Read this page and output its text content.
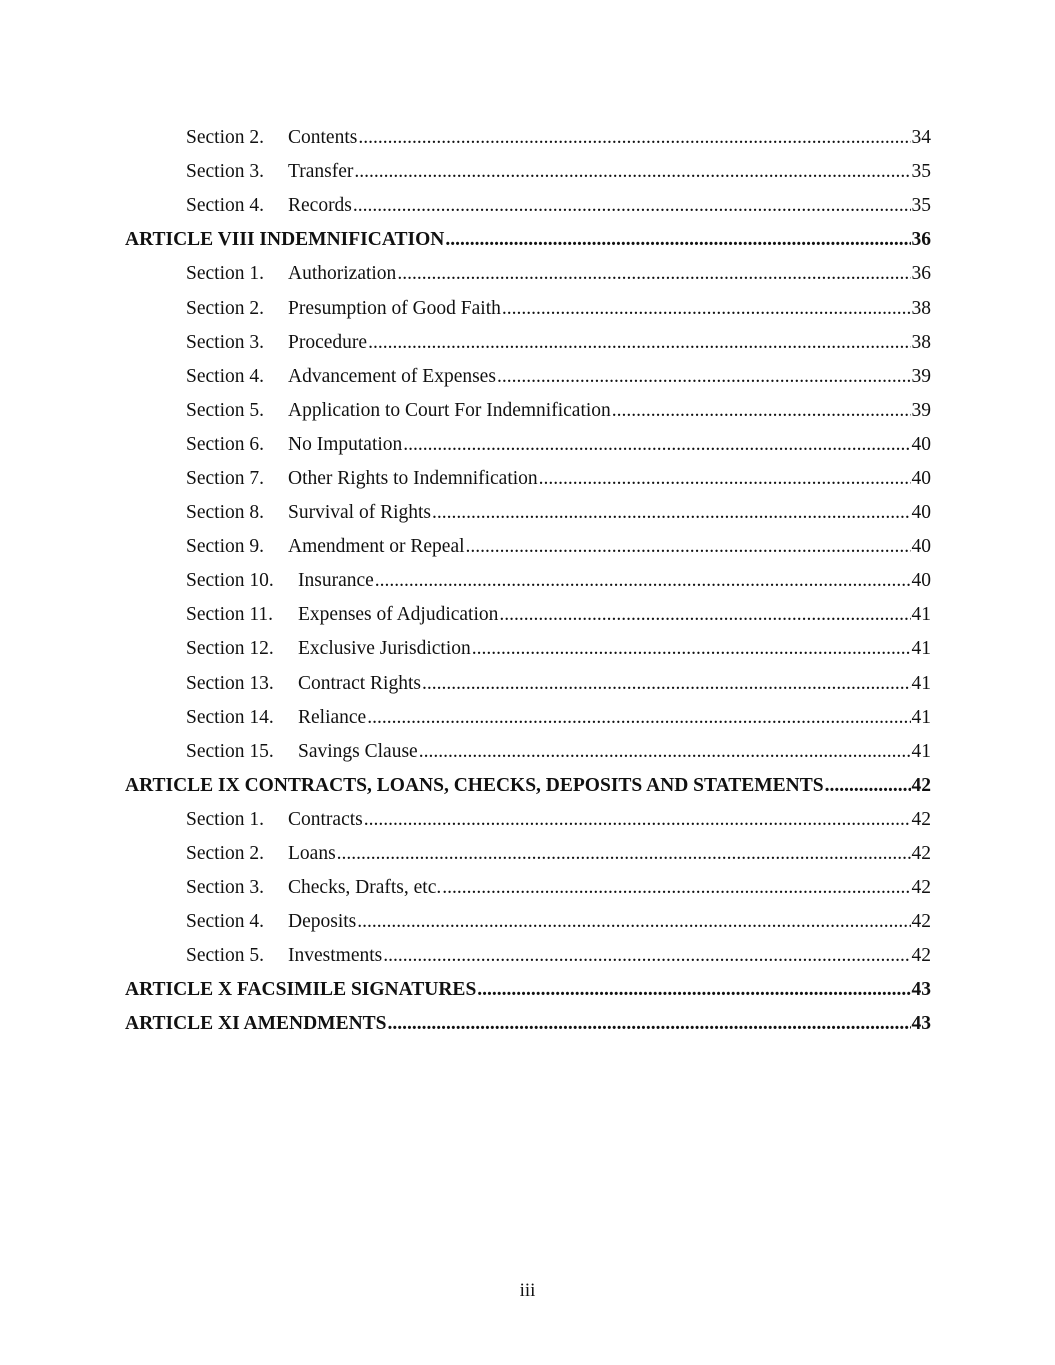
Section 2.	Contents .....	34
Section 3.	Transfer .....	35
Section 4.	Records .....	35
ARTICLE VIII INDEMNIFICATION .....	36
Section 1.	Authorization .....	36
Section 2.	Presumption of Good Faith .....	38
Section 3.	Procedure .....	38
Section 4.	Advancement of Expenses .....	39
Section 5.	Application to Court For Indemnification .....	39
Section 6.	No Imputation .....	40
Section 7.	Other Rights to Indemnification .....	40
Section 8.	Survival of Rights .....	40
Section 9.	Amendment or Repeal .....	40
Section 10.	Insurance .....	40
Section 11.	Expenses of Adjudication .....	41
Section 12.	Exclusive Jurisdiction .....	41
Section 13.	Contract Rights .....	41
Section 14.	Reliance .....	41
Section 15.	Savings Clause .....	41
ARTICLE IX CONTRACTS, LOANS, CHECKS, DEPOSITS AND STATEMENTS .....	42
Section 1.	Contracts .....	42
Section 2.	Loans .....	42
Section 3.	Checks, Drafts, etc. .....	42
Section 4.	Deposits .....	42
Section 5.	Investments .....	42
ARTICLE X FACSIMILE SIGNATURES .....	43
ARTICLE XI AMENDMENTS .....	43
iii
